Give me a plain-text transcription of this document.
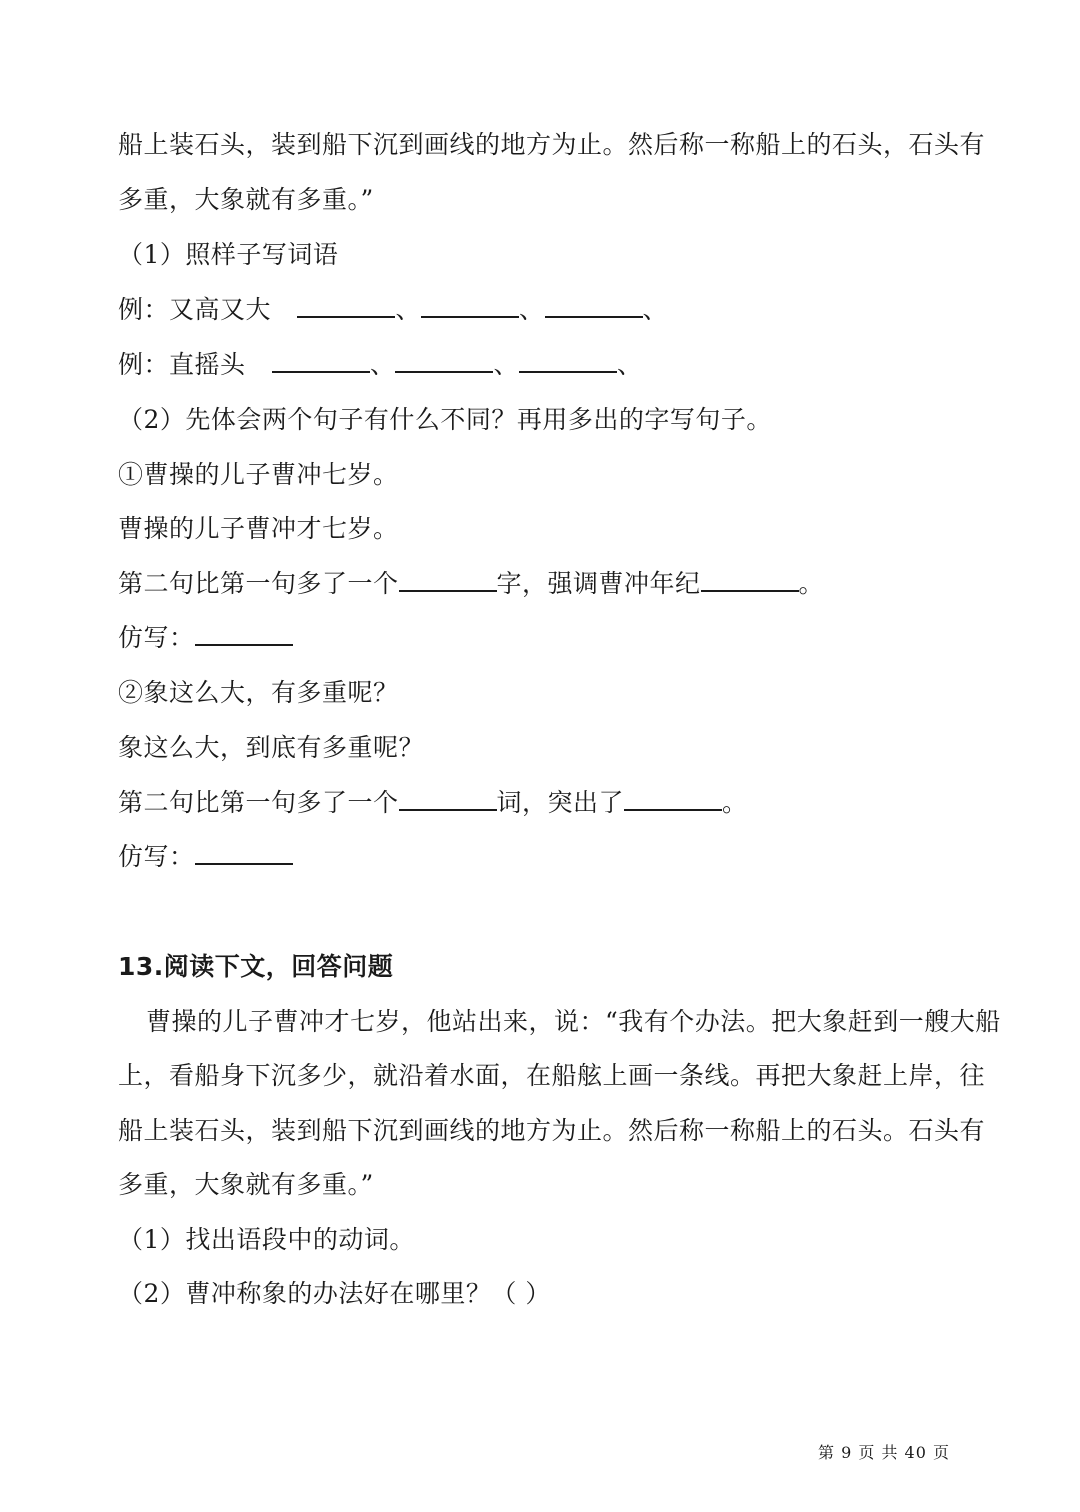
船上装石头，装到船下沉到画线的地方为止。然后称一称船上的石头，石头有
多重，大象就有多重。”
（1）照样子写词语
例：又高又大	、	、	、
例：直摇头	、	、	、
（2）先体会两个句子有什么不同？再用多出的字写句子。
①曹操的儿子曹冲七岁。
曹操的儿子曹冲才七岁。
第二句比第一句多了一个	字，强调曹冲年纪	。
仿写：
②象这么大，有多重呢？
象这么大，到底有多重呢？
第二句比第一句多了一个	词，突出了	。
仿写：
13.阅读下文，回答问题
曹操的儿子曹冲才七岁，他站出来，说：“我有个办法。把大象赶到一艘大船
上，看船身下沉多少，就沿着水面，在船舷上画一条线。再把大象赶上岸，往
船上装石头，装到船下沉到画线的地方为止。然后称一称船上的石头。石头有
多重，大象就有多重。”
（1）找出语段中的动词。
（2）曹冲称象的办法好在哪里？（ ）
第 9 页 共 40 页
